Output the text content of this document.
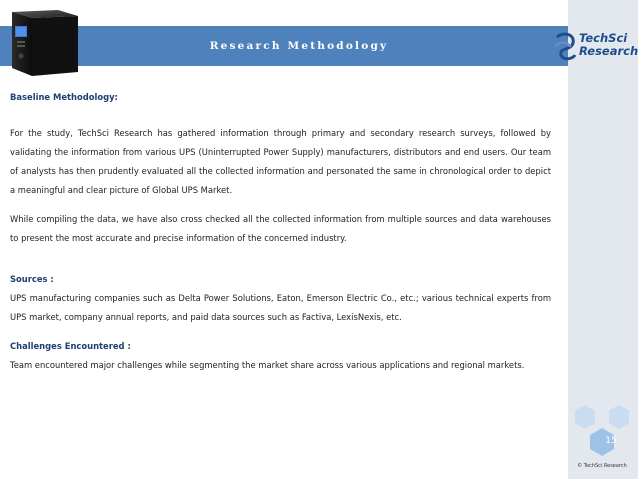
Research Methodology
TechSci
Research

Baseline Methodology:

For the study, TechSci Research has gathered information through primary and secondary research surveys, followed by validating the information from various UPS (Uninterrupted Power Supply) manufacturers, distributors and end users. Our team of analysts has then prudently evaluated all the collected information and personated the same in chronological order to depict a meaningful and clear picture of Global UPS Market.

While compiling the data, we have also cross checked all the collected information from multiple sources and data warehouses to present the most accurate and precise information of the concerned industry.

Sources :

UPS manufacturing companies such as Delta Power Solutions, Eaton, Emerson Electric Co., etc.; various technical experts from UPS market, company annual reports, and paid data sources such as Factiva, LexisNexis, etc.

Challenges Encountered :

Team encountered major challenges while segmenting the market share across various applications and regional markets.

15
© TechSci Research
